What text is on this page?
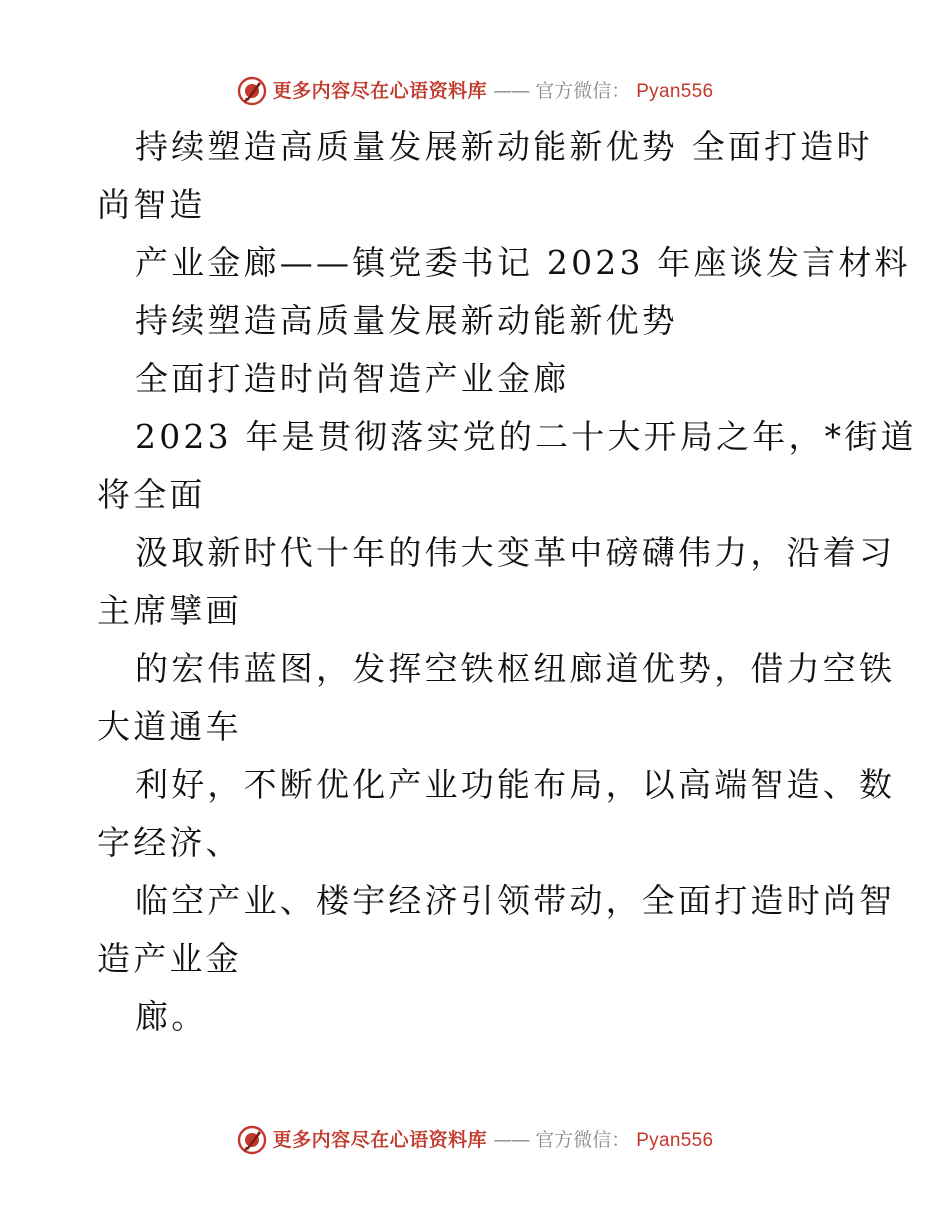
更多内容尽在心语资料库 —— 官方微信： Pyan556
持续塑造高质量发展新动能新优势 全面打造时
尚智造
产业金廊——镇党委书记 2023 年座谈发言材料
持续塑造高质量发展新动能新优势
全面打造时尚智造产业金廊
2023 年是贯彻落实党的二十大开局之年，*街道
将全面
汲取新时代十年的伟大变革中磅礴伟力，沿着习
主席擘画
的宏伟蓝图，发挥空铁枢纽廊道优势，借力空铁
大道通车
利好，不断优化产业功能布局，以高端智造、数
字经济、
临空产业、楼宇经济引领带动，全面打造时尚智
造产业金
廊。
更多内容尽在心语资料库 —— 官方微信： Pyan556
